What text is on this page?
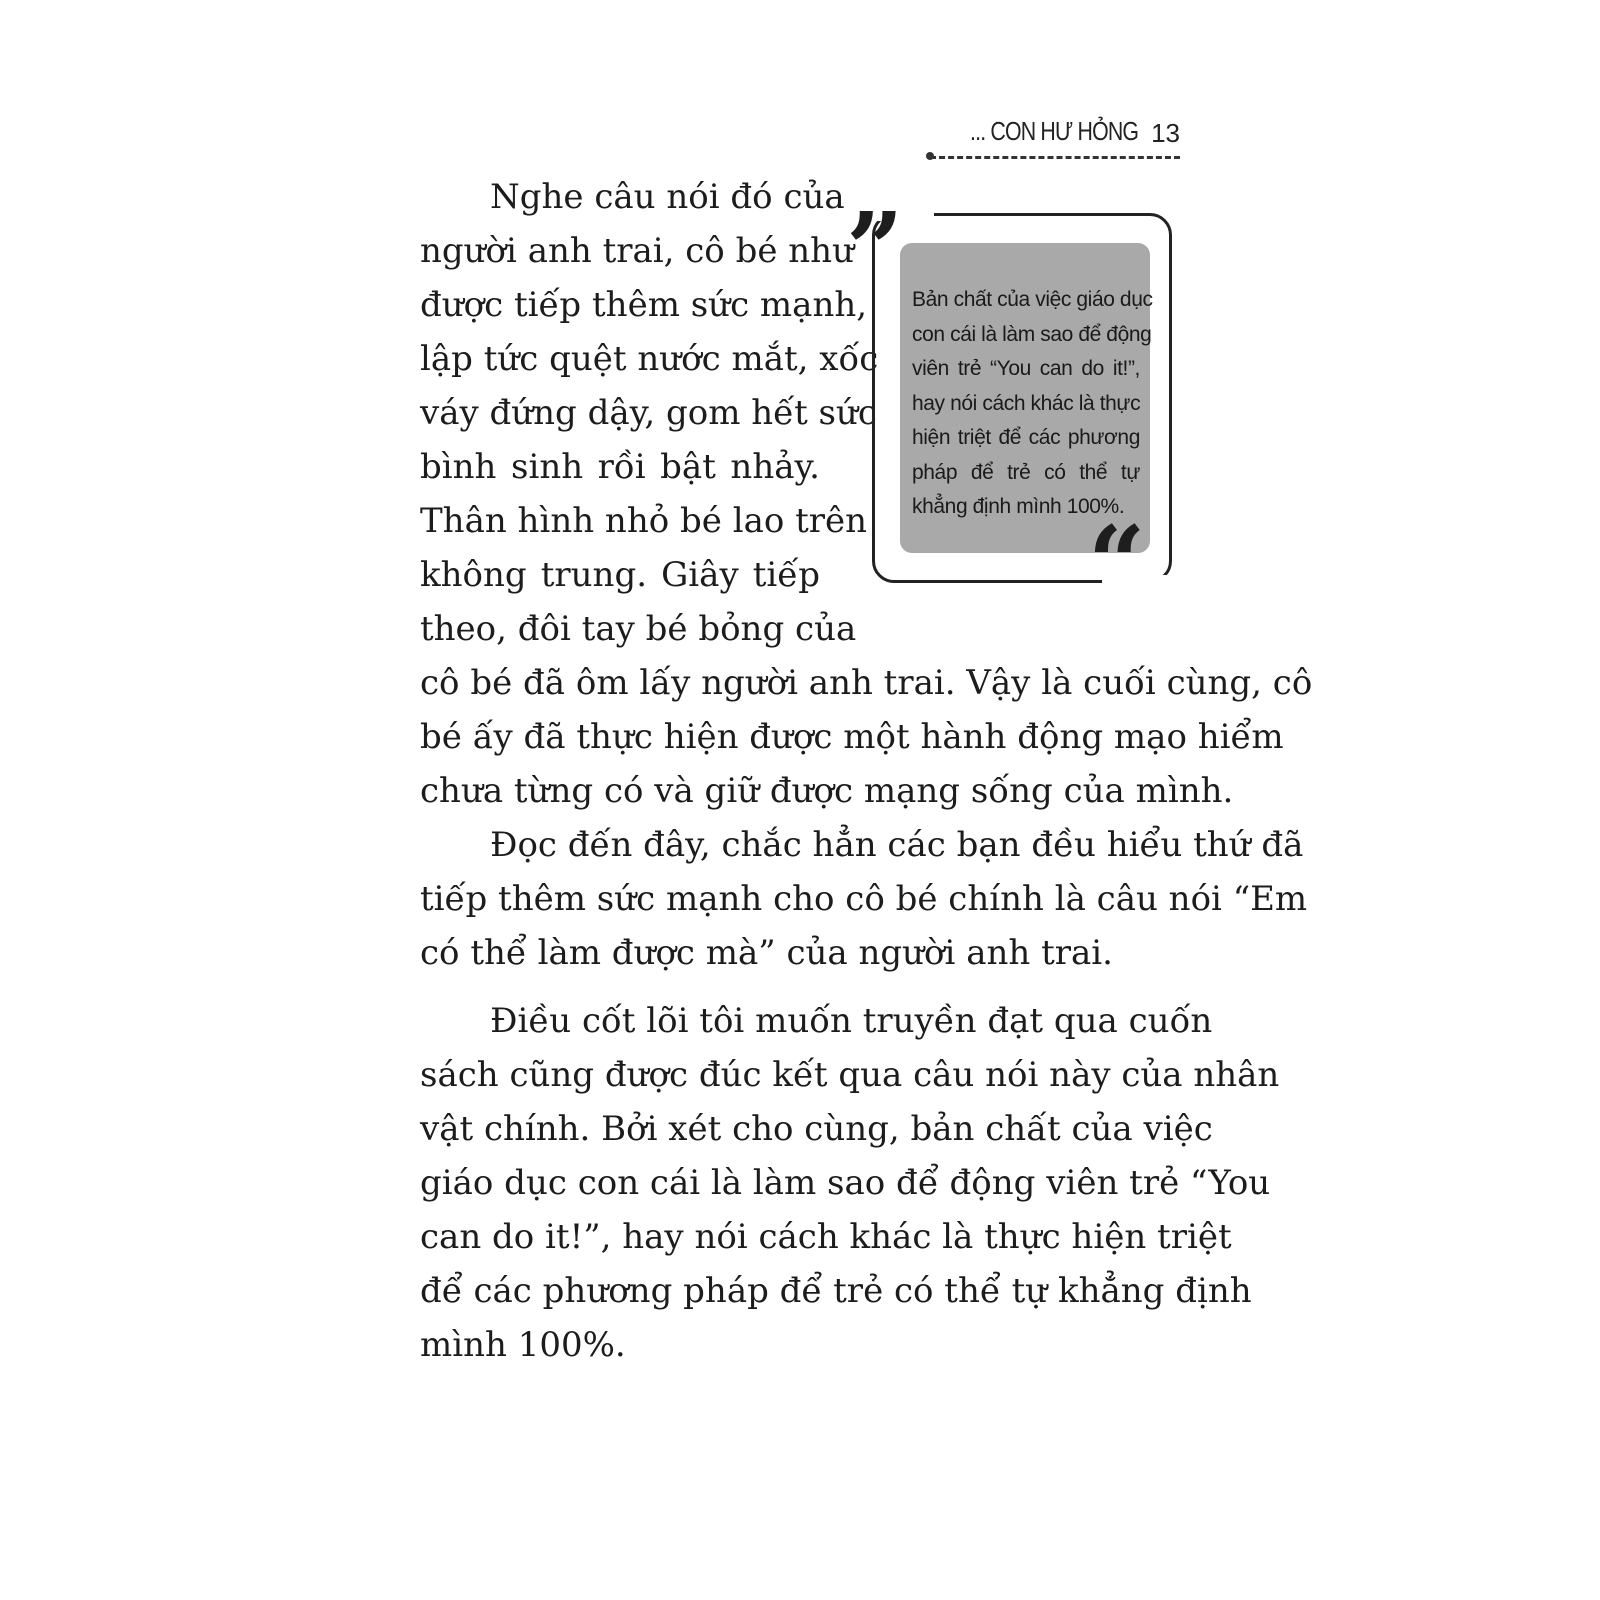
... CON HƯ HỎNG 13
Nghe câu nói đó của
người anh trai, cô bé như
được tiếp thêm sức mạnh,
lập tức quệt nước mắt, xốc
váy đứng dậy, gom hết sức
bình sinh rồi bật nhảy.
Thân hình nhỏ bé lao trên
không trung. Giây tiếp
theo, đôi tay bé bỏng của
cô bé đã ôm lấy người anh trai. Vậy là cuối cùng, cô
bé ấy đã thực hiện được một hành động mạo hiểm
chưa từng có và giữ được mạng sống của mình.
Đọc đến đây, chắc hẳn các bạn đều hiểu thứ đã
tiếp thêm sức mạnh cho cô bé chính là câu nói “Em
có thể làm được mà” của người anh trai.
Điều cốt lõi tôi muốn truyền đạt qua cuốn
sách cũng được đúc kết qua câu nói này của nhân
vật chính. Bởi xét cho cùng, bản chất của việc
giáo dục con cái là làm sao để động viên trẻ “You
can do it!”, hay nói cách khác là thực hiện triệt
để các phương pháp để trẻ có thể tự khẳng định
mình 100%.
Bản chất của việc giáo dục
con cái là làm sao để động
viên trẻ “You can do it!”,
hay nói cách khác là thực
hiện triệt để các phương
pháp để trẻ có thể tự
khẳng định mình 100%.
”
“
